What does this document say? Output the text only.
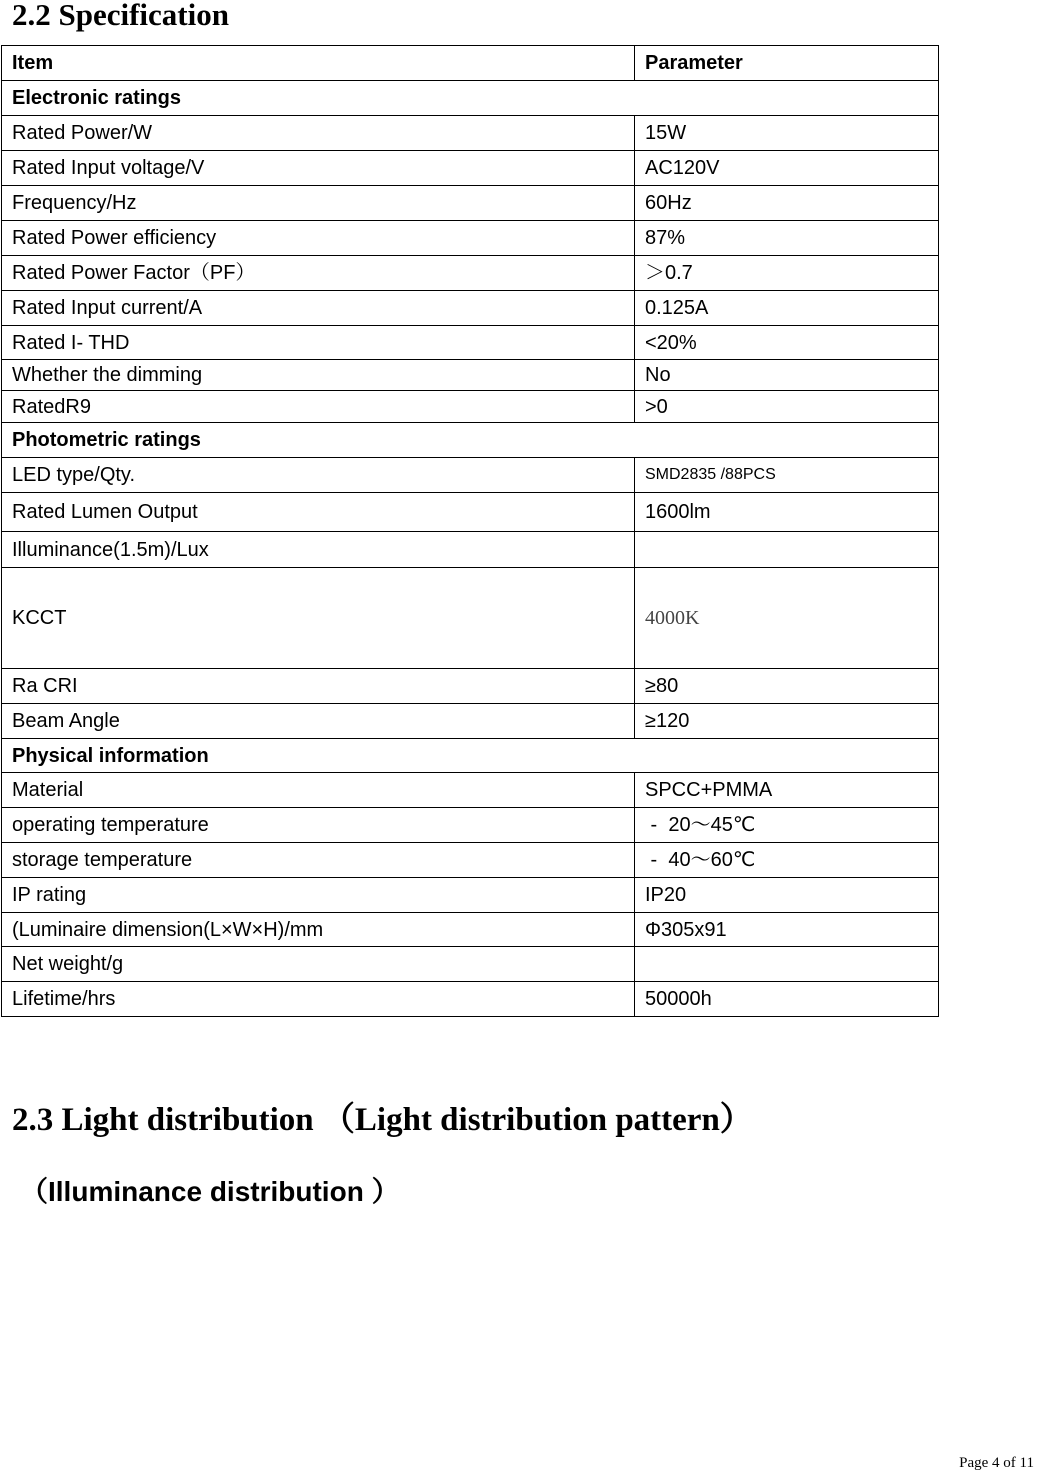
2.2 Specification
Item	Parameter
Electronic ratings	
Rated Power/W	15W
Rated Input voltage/V	AC120V
Frequency/Hz	60Hz
Rated Power efficiency	87%
Rated Power Factor（PF）	＞0.7
Rated Input current/A	0.125A
Rated I- THD	<20%
Whether the dimming	No
RatedR9	>0
Photometric ratings	
LED type/Qty.	SMD2835 /88PCS
Rated Lumen Output	1600lm
Illuminance(1.5m)/Lux	
KCCT	4000K
Ra CRI	≥80
Beam Angle	≥120
Physical information	
Material	SPCC+PMMA
operating temperature	-  20～45℃
storage temperature	-  40～60℃
IP rating	IP20
(Luminaire dimension(L×W×H)/mm	Φ305x91
Net weight/g	
Lifetime/hrs	50000h
2.3 Light distribution （Light distribution pattern）
（Illuminance distribution ）
Page 4 of 11
